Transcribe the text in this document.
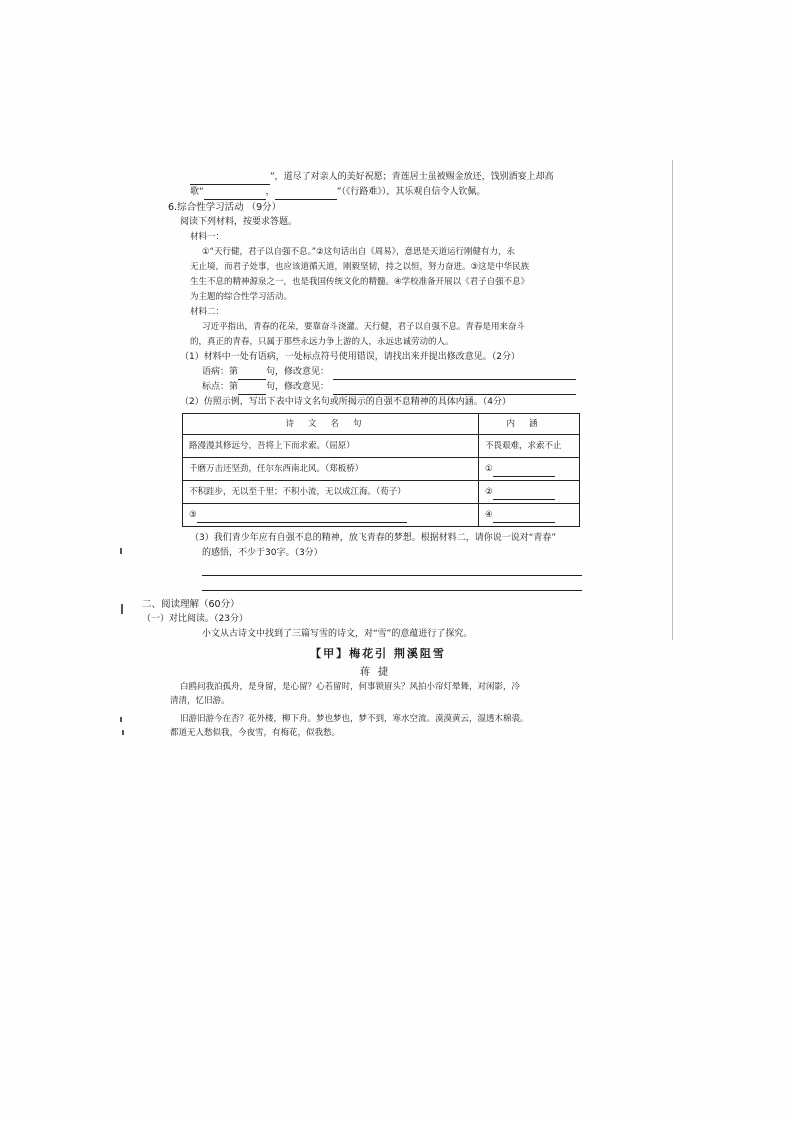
”，道尽了对亲人的美好祝愿；青莲居士虽被赐金放还，饯别酒宴上却高
歌“	，	”（《行路难》），其乐观自信令人钦佩。
6.综合性学习活动 （9分）
阅读下列材料，按要求答题。
材料一：
①“天行健，君子以自强不息。”②这句话出自《周易》，意思是天道运行刚健有力，永
无止境，而君子处事，也应该道循天道，刚毅坚韧，持之以恒，努力奋进。③这是中华民族
生生不息的精神源泉之一，也是我国传统文化的精髓。④学校准备开展以《君子自强不息》
为主题的综合性学习活动。
材料二：
习近平指出，青春的花朵，要靠奋斗浇灌。天行健，君子以自强不息。青春是用来奋斗
的，真正的青春，只属于那些永远力争上游的人，永远忠诚劳动的人。
（1）材料中一处有语病，一处标点符号使用错误，请找出来并提出修改意见。（2分）
语病：第	句，修改意见：
标点：第	句，修改意见：
（2）仿照示例，写出下表中诗文名句或所揭示的自强不息精神的具体内涵。（4分）
诗文名句	内涵
路漫漫其修远兮，吾将上下而求索。（屈原）	不畏艰难，求索不止
千磨万击还坚劲，任尔东西南北风。（郑板桥）	①
不积跬步，无以至千里；不积小流，无以成江海。（荀子）	②
③	④
（3）我们青少年应有自强不息的精神，放飞青春的梦想。根据材料二，请你说一说对“青春”
的感悟，不少于30字。（3分）
二、阅读理解（60分）
（一）对比阅读。（23分）
小文从古诗文中找到了三篇写雪的诗文，对“雪”的意蕴进行了探究。
【甲】梅花引 荆溪阻雪
蒋捷
白鸥问我泊孤舟，是身留，是心留？心若留时，何事锁眉头？风拍小帘灯晕舞，对闲影，冷
清清，忆旧游。
旧游旧游今在否？花外楼，柳下舟。梦也梦也，梦不到，寒水空流。漠漠黄云，湿透木棉裘。
都道无人愁似我，今夜雪，有梅花，似我愁。
